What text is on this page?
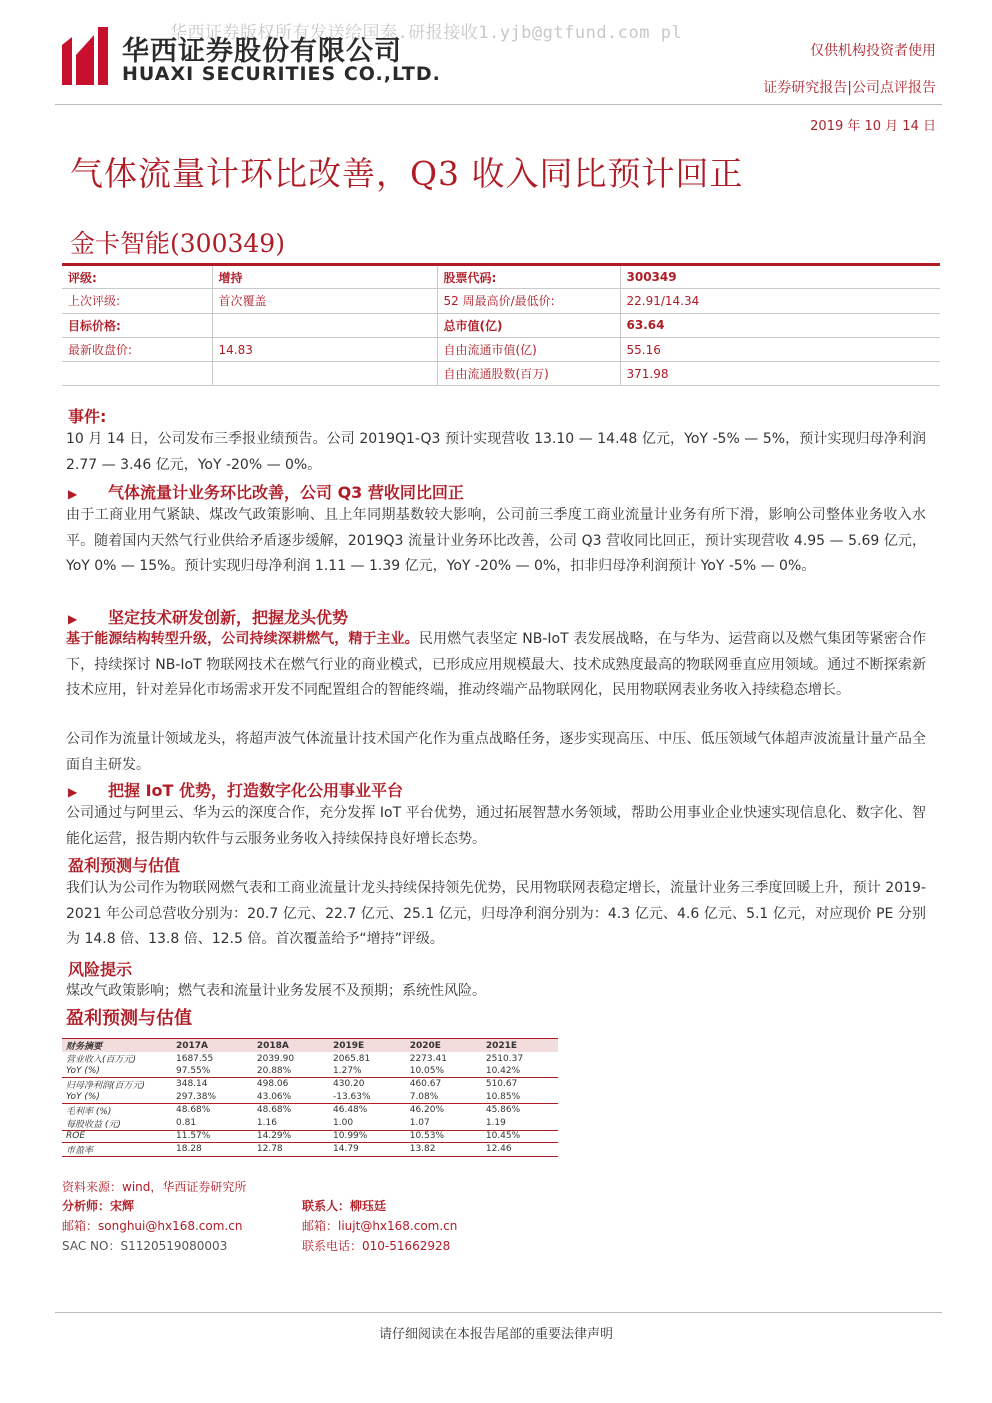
华西证券版权所有发送给国泰.研报接收1.yjb@gtfund.com pl
华西证券股份有限公司
HUAXI SECURITIES CO.,LTD.
仅供机构投资者使用
证券研究报告|公司点评报告
2019 年 10 月 14 日
气体流量计环比改善，Q3 收入同比预计回正
金卡智能(300349)
评级:	增持	股票代码:	300349
上次评级:	首次覆盖	52 周最高价/最低价:	22.91/14.34
目标价格:		总市值(亿)	63.64
最新收盘价:	14.83	自由流通市值(亿)	55.16
		自由流通股数(百万)	371.98
事件:
10 月 14 日，公司发布三季报业绩预告。公司 2019Q1-Q3 预计实现营收 13.10 — 14.48 亿元，YoY -5% — 5%，预计实现归母净利润 2.77 — 3.46 亿元，YoY -20% — 0%。
▶ 气体流量计业务环比改善，公司 Q3 营收同比回正
由于工商业用气紧缺、煤改气政策影响、且上年同期基数较大影响，公司前三季度工商业流量计业务有所下滑，影响公司整体业务收入水平。随着国内天然气行业供给矛盾逐步缓解，2019Q3 流量计业务环比改善，公司 Q3 营收同比回正，预计实现营收 4.95 — 5.69 亿元，YoY 0% — 15%。预计实现归母净利润 1.11 — 1.39 亿元，YoY -20% — 0%，扣非归母净利润预计 YoY -5% — 0%。
▶ 坚定技术研发创新，把握龙头优势
基于能源结构转型升级，公司持续深耕燃气，精于主业。民用燃气表坚定 NB-IoT 表发展战略，在与华为、运营商以及燃气集团等紧密合作下，持续探讨 NB-IoT 物联网技术在燃气行业的商业模式，已形成应用规模最大、技术成熟度最高的物联网垂直应用领域。通过不断探索新技术应用，针对差异化市场需求开发不同配置组合的智能终端，推动终端产品物联网化，民用物联网表业务收入持续稳态增长。
公司作为流量计领域龙头，将超声波气体流量计技术国产化作为重点战略任务，逐步实现高压、中压、低压领域气体超声波流量计量产品全面自主研发。
▶ 把握 IoT 优势，打造数字化公用事业平台
公司通过与阿里云、华为云的深度合作，充分发挥 IoT 平台优势，通过拓展智慧水务领域，帮助公用事业企业快速实现信息化、数字化、智能化运营，报告期内软件与云服务业务收入持续保持良好增长态势。
盈利预测与估值
我们认为公司作为物联网燃气表和工商业流量计龙头持续保持领先优势，民用物联网表稳定增长，流量计业务三季度回暖上升，预计 2019-2021 年公司总营收分别为：20.7 亿元、22.7 亿元、25.1 亿元，归母净利润分别为：4.3 亿元、4.6 亿元、5.1 亿元，对应现价 PE 分别为 14.8 倍、13.8 倍、12.5 倍。首次覆盖给予“增持”评级。
风险提示
煤改气政策影响；燃气表和流量计业务发展不及预期；系统性风险。
盈利预测与估值
财务摘要	2017A	2018A	2019E	2020E	2021E
营业收入(百万元)	1687.55	2039.90	2065.81	2273.41	2510.37
YoY (%)	97.55%	20.88%	1.27%	10.05%	10.42%
归母净利润(百万元)	348.14	498.06	430.20	460.67	510.67
YoY (%)	297.38%	43.06%	-13.63%	7.08%	10.85%
毛利率 (%)	48.68%	48.68%	46.48%	46.20%	45.86%
每股收益 (元)	0.81	1.16	1.00	1.07	1.19
ROE	11.57%	14.29%	10.99%	10.53%	10.45%
市盈率	18.28	12.78	14.79	13.82	12.46
资料来源：wind，华西证券研究所
分析师：宋辉
邮箱：songhui@hx168.com.cn
SAC NO：S1120519080003
联系人：柳珏廷
邮箱：liujt@hx168.com.cn
联系电话：010-51662928
请仔细阅读在本报告尾部的重要法律声明
